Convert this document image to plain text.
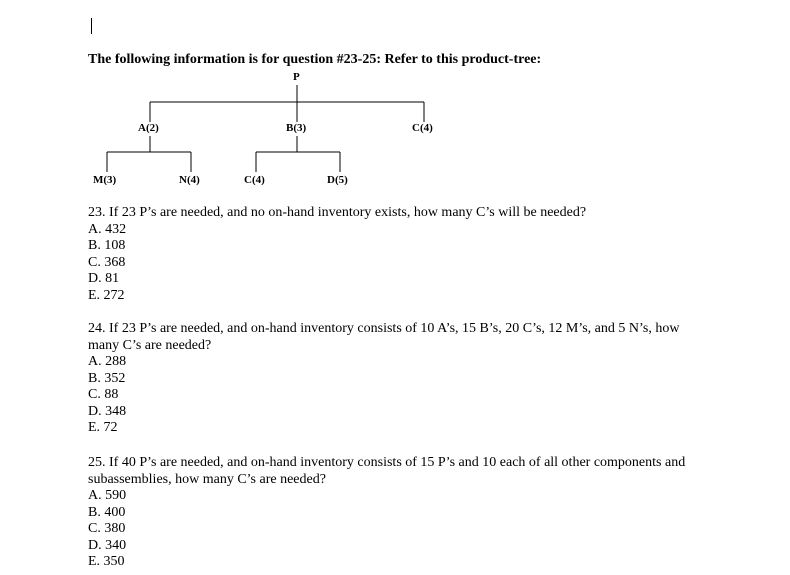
The following information is for question #23-25: Refer to this product-tree:
P
A(2)	B(3)	C(4)
M(3)	N(4)	C(4)	D(5)
23. If 23 P’s are needed, and no on-hand inventory exists, how many C’s will be needed?
A. 432
B. 108
C. 368
D. 81
E. 272
24. If 23 P’s are needed, and on-hand inventory consists of 10 A’s, 15 B’s, 20 C’s, 12 M’s, and 5 N’s, how many C’s are needed?
A. 288
B. 352
C. 88
D. 348
E. 72
25. If 40 P’s are needed, and on-hand inventory consists of 15 P’s and 10 each of all other components and subassemblies, how many C’s are needed?
A. 590
B. 400
C. 380
D. 340
E. 350
